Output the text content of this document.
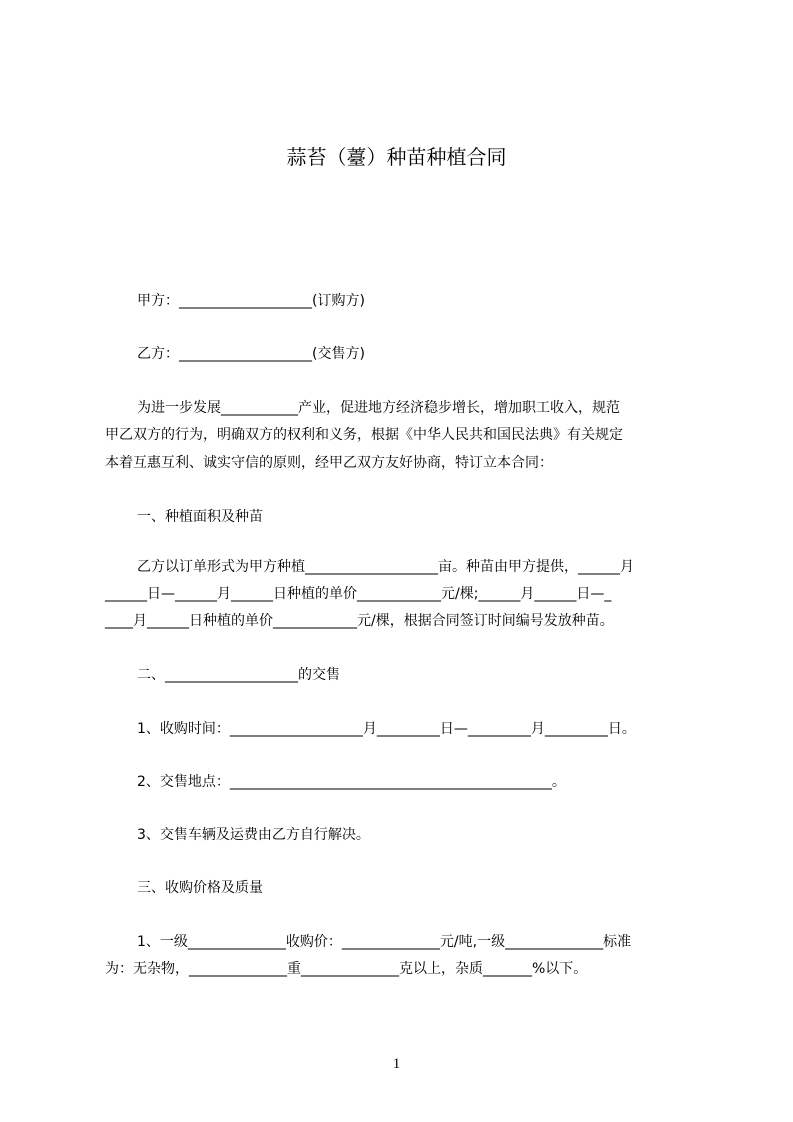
蒜苔（薹）种苗种植合同
甲方：___________________(订购方)
乙方：___________________(交售方)
为进一步发展___________产业，促进地方经济稳步增长，增加职工收入，规范
甲乙双方的行为，明确双方的权利和义务，根据《中华人民共和国民法典》有关规定
本着互惠互利、诚实守信的原则，经甲乙双方友好协商，特订立本合同：
一、种植面积及种苗
乙方以订单形式为甲方种植___________________亩。种苗由甲方提供，______月
______日—______月______日种植的单价____________元/棵;______月______日—_
____月______日种植的单价____________元/棵，根据合同签订时间编号发放种苗。
二、___________________的交售
1、收购时间：___________________月_________日—_________月_________日。
2、交售地点：______________________________________________。
3、交售车辆及运费由乙方自行解决。
三、收购价格及质量
1、一级______________收购价：______________元/吨,一级______________标准
为：无杂物，______________重______________克以上，杂质_______%以下。
1
